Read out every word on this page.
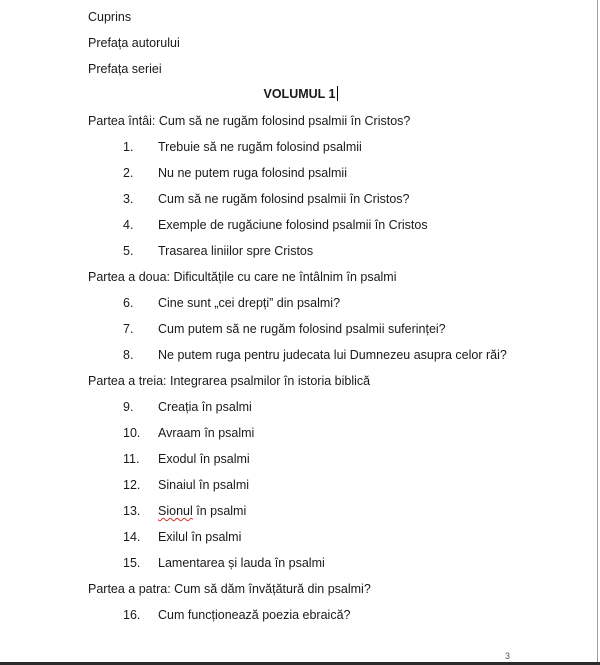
Cuprins
Prefața autorului
Prefața seriei
VOLUMUL 1
Partea întâi: Cum să ne rugăm folosind psalmii în Cristos?
1. Trebuie să ne rugăm folosind psalmii
2. Nu ne putem ruga folosind psalmii
3. Cum să ne rugăm folosind psalmii în Cristos?
4. Exemple de rugăciune folosind psalmii în Cristos
5. Trasarea liniilor spre Cristos
Partea a doua: Dificultățile cu care ne întâlnim în psalmi
6. Cine sunt „cei drepți” din psalmi?
7. Cum putem să ne rugăm folosind psalmii suferinței?
8. Ne putem ruga pentru judecata lui Dumnezeu asupra celor răi?
Partea a treia: Integrarea psalmilor în istoria biblică
9. Creația în psalmi
10. Avraam în psalmi
11. Exodul în psalmi
12. Sinaiul în psalmi
13. Sionul în psalmi
14. Exilul în psalmi
15. Lamentarea și lauda în psalmi
Partea a patra: Cum să dăm învățătură din psalmi?
16. Cum funcționează poezia ebraică?
3
